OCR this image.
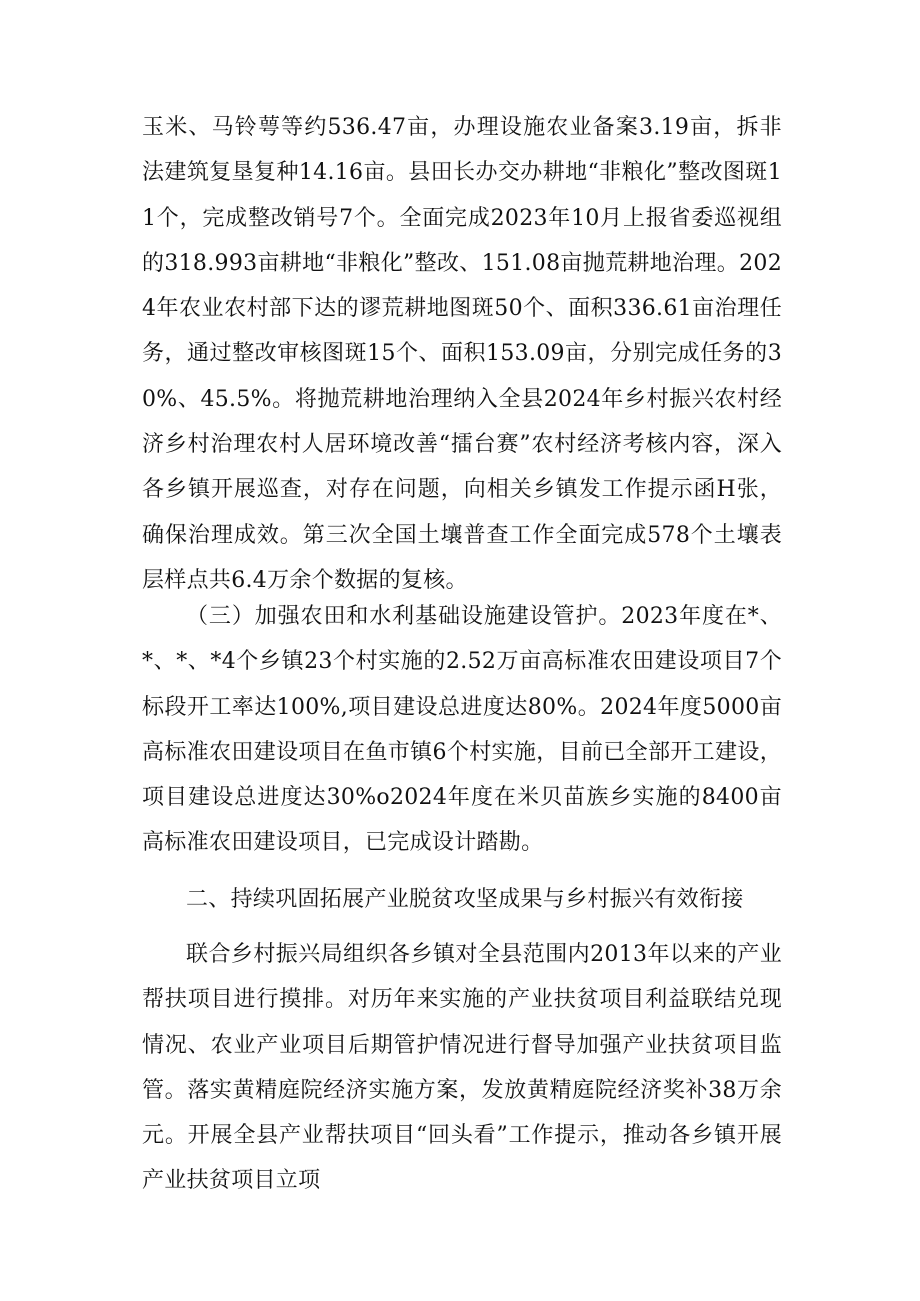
玉米、马铃萼等约536.47亩，办理设施农业备案3.19亩，拆非法建筑复垦复种14.16亩。县田长办交办耕地“非粮化”整改图斑11个，完成整改销号7个。全面完成2023年10月上报省委巡视组的318.993亩耕地“非粮化”整改、151.08亩抛荒耕地治理。2024年农业农村部下达的谬荒耕地图斑50个、面积336.61亩治理任务，通过整改审核图斑15个、面积153.09亩，分别完成任务的30%、45.5%。将抛荒耕地治理纳入全县2024年乡村振兴农村经济乡村治理农村人居环境改善“擂台赛”农村经济考核内容，深入各乡镇开展巡查，对存在问题，向相关乡镇发工作提示函H张，确保治理成效。第三次全国土壤普查工作全面完成578个土壤表层样点共6.4万余个数据的复核。

（三）加强农田和水利基础设施建设管护。2023年度在*、*、*、*4个乡镇23个村实施的2.52万亩高标准农田建设项目7个标段开工率达100%,项目建设总进度达80%。2024年度5000亩高标准农田建设项目在鱼市镇6个村实施，目前已全部开工建设，项目建设总进度达30%o2024年度在米贝苗族乡实施的8400亩高标准农田建设项目，已完成设计踏勘。

二、持续巩固拓展产业脱贫攻坚成果与乡村振兴有效衔接

联合乡村振兴局组织各乡镇对全县范围内2013年以来的产业帮扶项目进行摸排。对历年来实施的产业扶贫项目利益联结兑现情况、农业产业项目后期管护情况进行督导加强产业扶贫项目监管。落实黄精庭院经济实施方案，发放黄精庭院经济奖补38万余元。开展全县产业帮扶项目“回头看”工作提示，推动各乡镇开展产业扶贫项目立项
